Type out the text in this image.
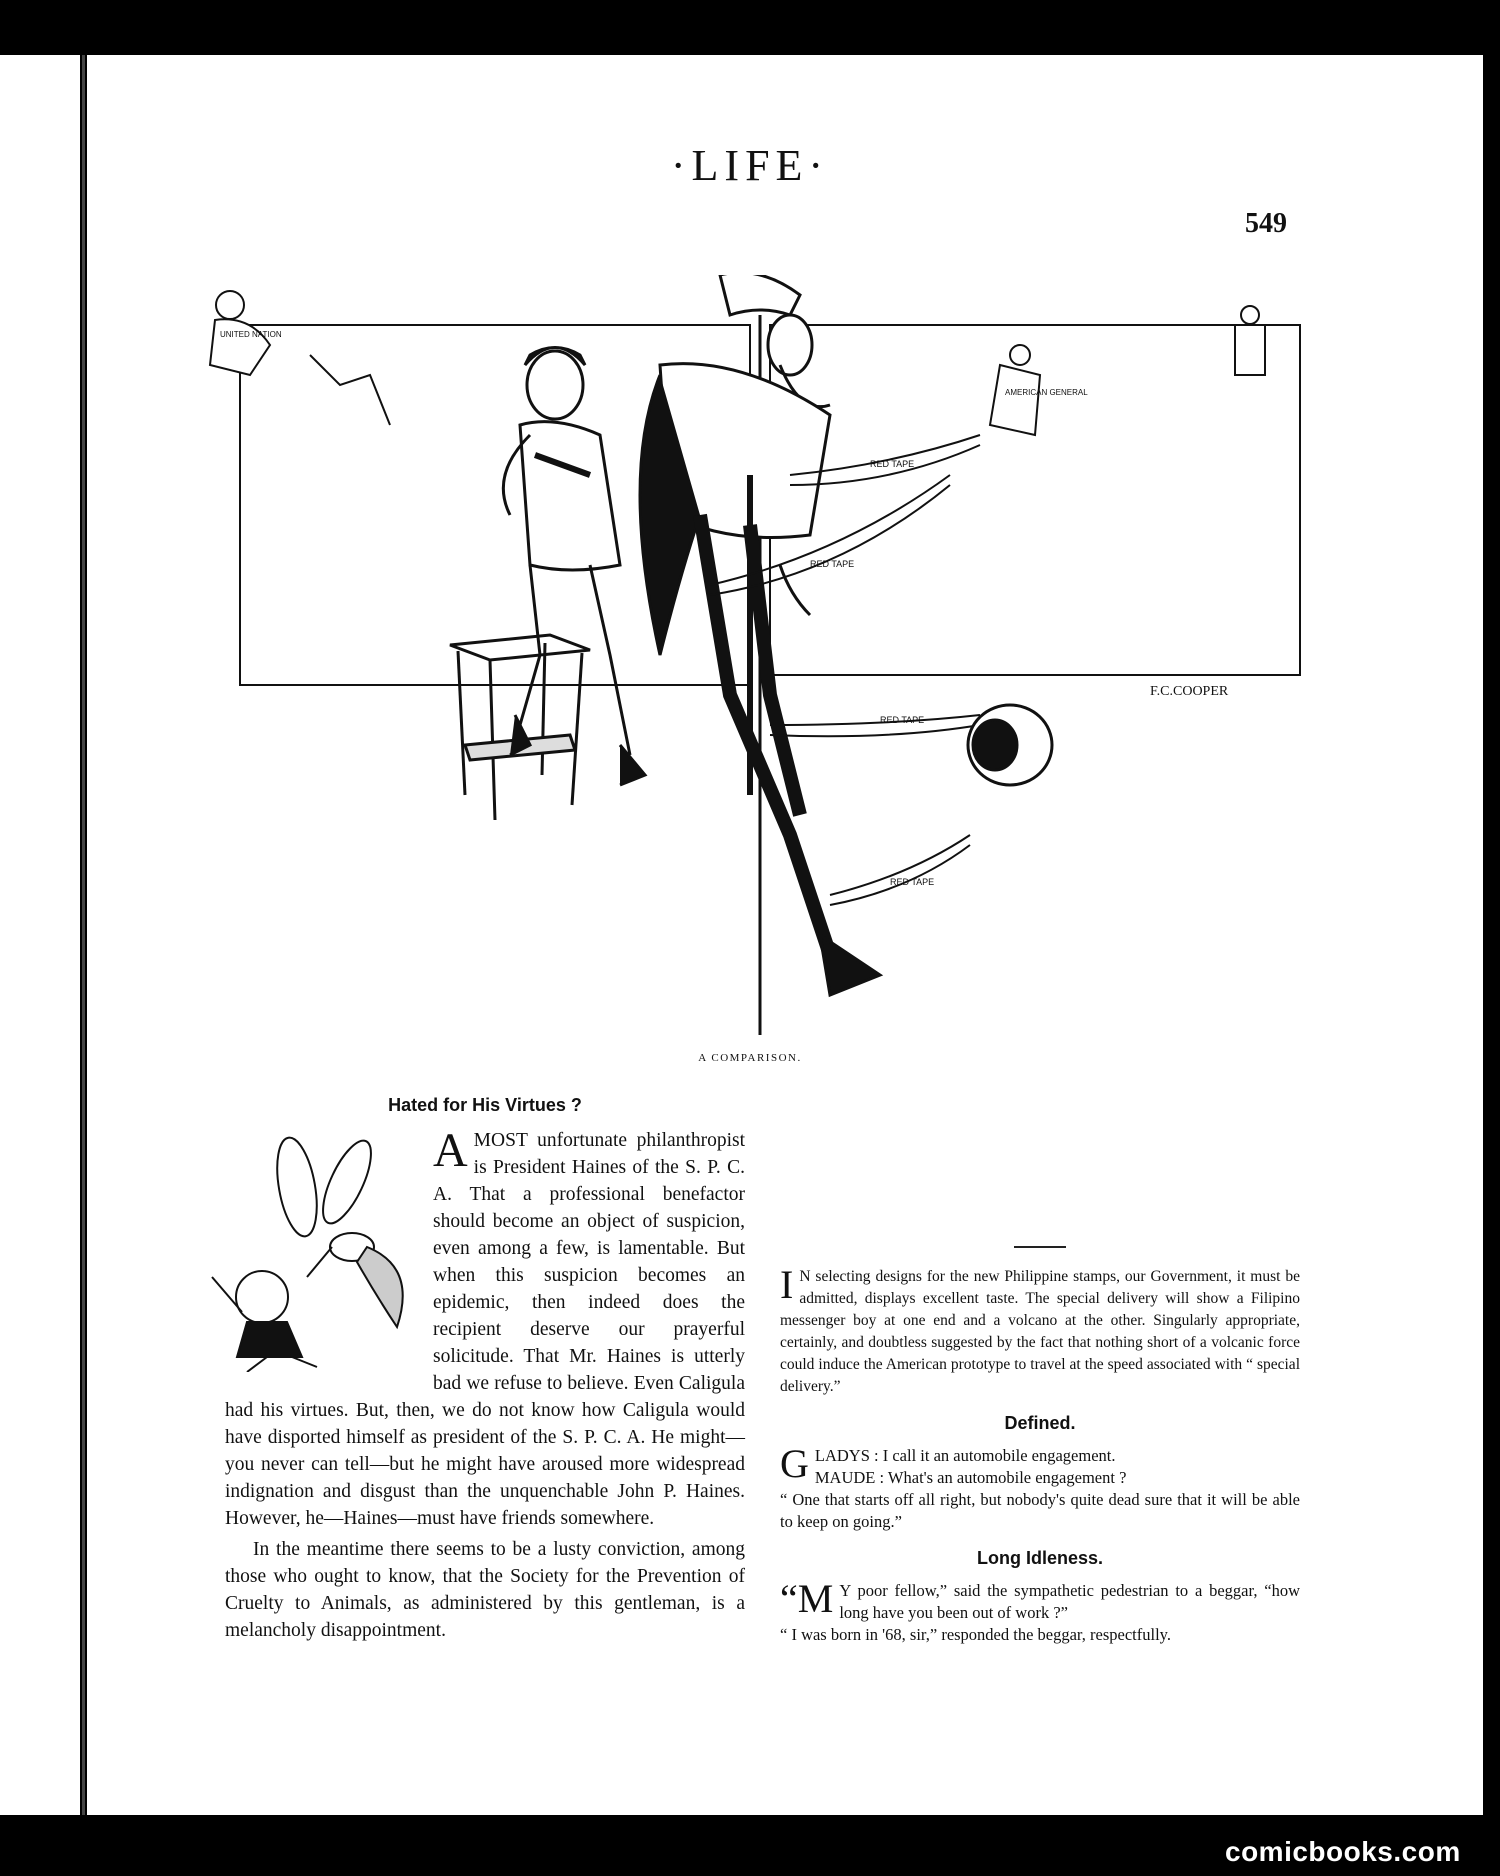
·LIFE·
549
RED TAPE
RED TAPE
RED TAPE
RED TAPE
UNITED NATION
AMERICAN GENERAL
F.C.COOPER
A COMPARISON.
Hated for His Virtues ?

A MOST unfortunate philanthropist is President Haines of the S. P. C. A. That a professional benefactor should become an object of suspicion, even among a few, is lamentable. But when this suspicion becomes an epidemic, then indeed does the recipient deserve our prayerful solicitude. That Mr. Haines is utterly bad we refuse to believe. Even Caligula had his virtues. But, then, we do not know how Caligula would have disported himself as president of the S. P. C. A. He might—you never can tell—but he might have aroused more widespread indignation and disgust than the unquenchable John P. Haines. However, he—Haines—must have friends somewhere.

In the meantime there seems to be a lusty conviction, among those who ought to know, that the Society for the Prevention of Cruelty to Animals, as administered by this gentleman, is a melancholy disappointment.

I N selecting designs for the new Philippine stamps, our Government, it must be admitted, displays excellent taste. The special delivery will show a Filipino messenger boy at one end and a volcano at the other. Singularly appropriate, certainly, and doubtless suggested by the fact that nothing short of a volcanic force could induce the American prototype to travel at the speed associated with “ special delivery.”

Defined.

G LADYS : I call it an automobile engagement.
MAUDE : What's an automobile engagement ?
“ One that starts off all right, but nobody's quite dead sure that it will be able to keep on going.”

Long Idleness.

“M Y poor fellow,” said the sympathetic pedestrian to a beggar, “how long have you been out of work ?”
“ I was born in '68, sir,” responded the beggar, respectfully.

comicbooks.com
